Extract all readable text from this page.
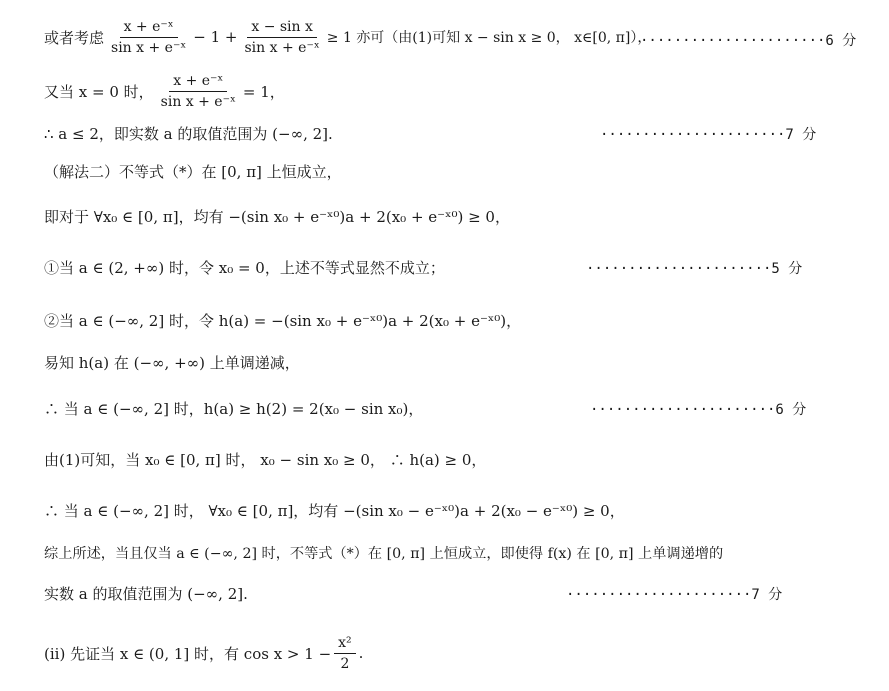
或者考虑 $\frac{\text{x + e⁻ˣ}}{\text{sin x + e⁻ˣ}} - 1 + \frac{\text{x − sin x}}{\text{sin x + e⁻ˣ}} \ge 1$ 亦可（由(1)可知 x − sin x ≥ 0， x∈[0, π]），
······················6 分
又当 x = 0 时， $\frac{\text{x + e⁻ˣ}}{\text{sin x + e⁻ˣ}} = 1$，
∴ a ≤ 2，即实数 a 的取值范围为 (−∞, 2].	······················7 分
（解法二）不等式（*）在 [0, π] 上恒成立，
即对于 ∀x₀ ∈ [0, π]，均有 −(sin x₀ + e⁻ˣ⁰)a + 2(x₀ + e⁻ˣ⁰) ≥ 0，
①当 a ∈ (2, +∞) 时，令 x₀ = 0，上述不等式显然不成立；	······················5 分
②当 a ∈ (−∞, 2] 时，令 h(a) = −(sin x₀ + e⁻ˣ⁰)a + 2(x₀ + e⁻ˣ⁰)，
易知 h(a) 在 (−∞, +∞) 上单调递减，
∴ 当 a ∈ (−∞, 2] 时，h(a) ≥ h(2) = 2(x₀ − sin x₀)，	······················6 分
由(1)可知，当 x₀ ∈ [0, π] 时， x₀ − sin x₀ ≥ 0， ∴ h(a) ≥ 0，
∴ 当 a ∈ (−∞, 2] 时， ∀x₀ ∈ [0, π]，均有 −(sin x₀ − e⁻ˣ⁰)a + 2(x₀ − e⁻ˣ⁰) ≥ 0，
综上所述，当且仅当 a ∈ (−∞, 2] 时，不等式（*）在 [0, π] 上恒成立，即使得 f(x) 在 [0, π] 上单调递增的
实数 a 的取值范围为 (−∞, 2].	······················7 分
(ii) 先证当 x ∈ (0, 1] 时，有 $\cos x > 1 - \frac{\text{x²}}{2}$ .
